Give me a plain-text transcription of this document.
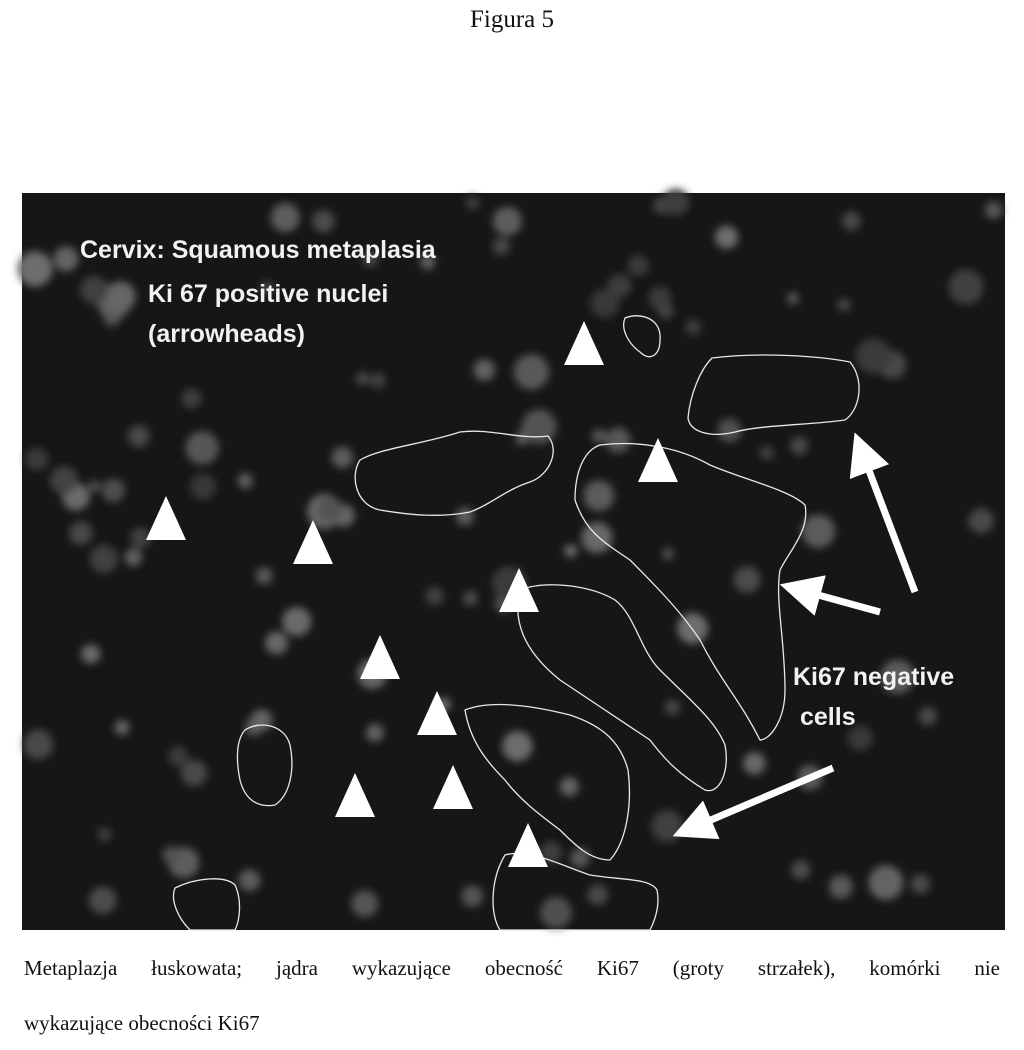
Figura 5
Cervix: Squamous metaplasia
Ki 67 positive nuclei
(arrowheads)
Ki67 negative
cells
Metaplazja łuskowata; jądra wykazujące obecność Ki67 (groty strzałek), komórki nie
wykazujące obecności Ki67
